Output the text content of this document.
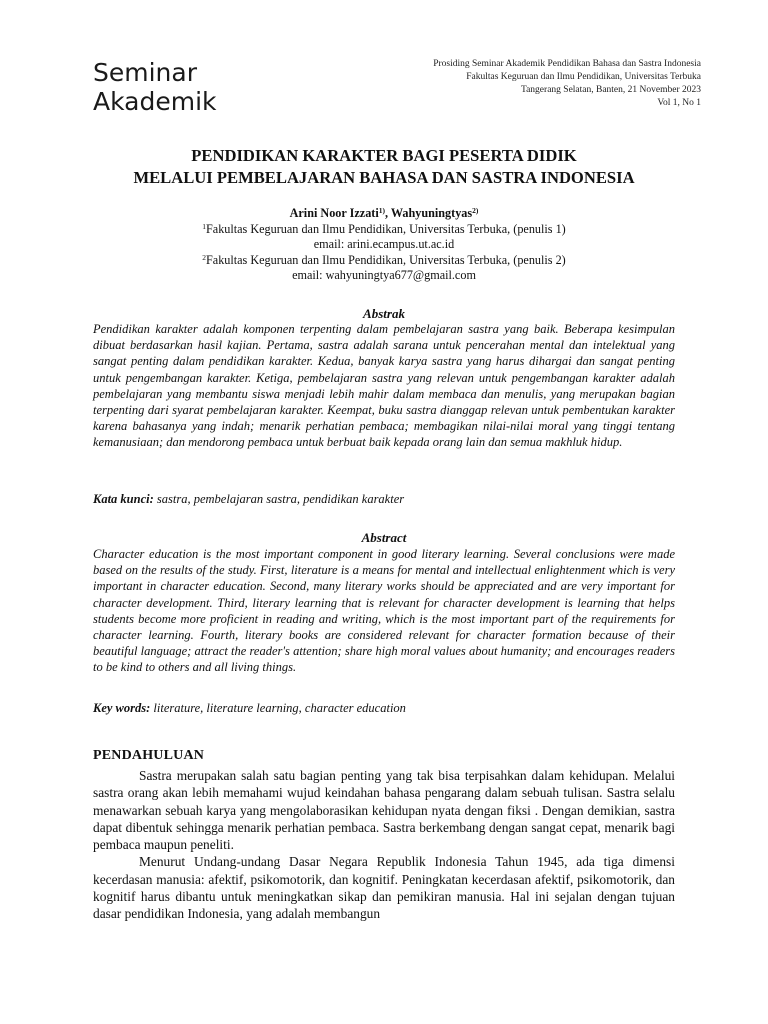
Seminar
Akademik
Prosiding Seminar Akademik Pendidikan Bahasa dan Sastra Indonesia
Fakultas Keguruan dan Ilmu Pendidikan, Universitas Terbuka
Tangerang Selatan, Banten, 21 November 2023
Vol 1, No 1
PENDIDIKAN KARAKTER BAGI PESERTA DIDIK
MELALUI PEMBELAJARAN BAHASA DAN SASTRA INDONESIA
Arini Noor Izzati$^{1)}$, Wahyuningtyas$^{2)}$
$^1$Fakultas Keguruan dan Ilmu Pendidikan, Universitas Terbuka, (penulis 1)
email: arini.ecampus.ut.ac.id
$^2$Fakultas Keguruan dan Ilmu Pendidikan, Universitas Terbuka, (penulis 2)
email: wahyuningtya677@gmail.com
Abstrak
Pendidikan karakter adalah komponen terpenting dalam pembelajaran sastra yang baik. Beberapa kesimpulan dibuat berdasarkan hasil kajian. Pertama, sastra adalah sarana untuk pencerahan mental dan intelektual yang sangat penting dalam pendidikan karakter. Kedua, banyak karya sastra yang harus dihargai dan sangat penting untuk pengembangan karakter. Ketiga, pembelajaran sastra yang relevan untuk pengembangan karakter adalah pembelajaran yang membantu siswa menjadi lebih mahir dalam membaca dan menulis, yang merupakan bagian terpenting dari syarat pembelajaran karakter. Keempat, buku sastra dianggap relevan untuk pembentukan karakter karena bahasanya yang indah; menarik perhatian pembaca; membagikan nilai-nilai moral yang tinggi tentang kemanusiaan; dan mendorong pembaca untuk berbuat baik kepada orang lain dan semua makhluk hidup.
Kata kunci: sastra, pembelajaran sastra, pendidikan karakter
Abstract
Character education is the most important component in good literary learning. Several conclusions were made based on the results of the study. First, literature is a means for mental and intellectual enlightenment which is very important in character education. Second, many literary works should be appreciated and are very important for character development. Third, literary learning that is relevant for character development is learning that helps students become more proficient in reading and writing, which is the most important part of the requirements for character learning. Fourth, literary books are considered relevant for character formation because of their beautiful language; attract the reader's attention; share high moral values about humanity; and encourages readers to be kind to others and all living things.
Key words: literature, literature learning, character education
PENDAHULUAN

Sastra merupakan salah satu bagian penting yang tak bisa terpisahkan dalam kehidupan. Melalui sastra orang akan lebih memahami wujud keindahan bahasa pengarang dalam sebuah tulisan. Sastra selalu menawarkan sebuah karya yang mengolaborasikan kehidupan nyata dengan fiksi . Dengan demikian, sastra dapat dibentuk sehingga menarik perhatian pembaca. Sastra berkembang dengan sangat cepat, menarik bagi pembaca maupun peneliti.

Menurut Undang-undang Dasar Negara Republik Indonesia Tahun 1945, ada tiga dimensi kecerdasan manusia: afektif, psikomotorik, dan kognitif. Peningkatan kecerdasan afektif, psikomotorik, dan kognitif harus dibantu untuk meningkatkan sikap dan pemikiran manusia. Hal ini sejalan dengan tujuan dasar pendidikan Indonesia, yang adalah membangun
